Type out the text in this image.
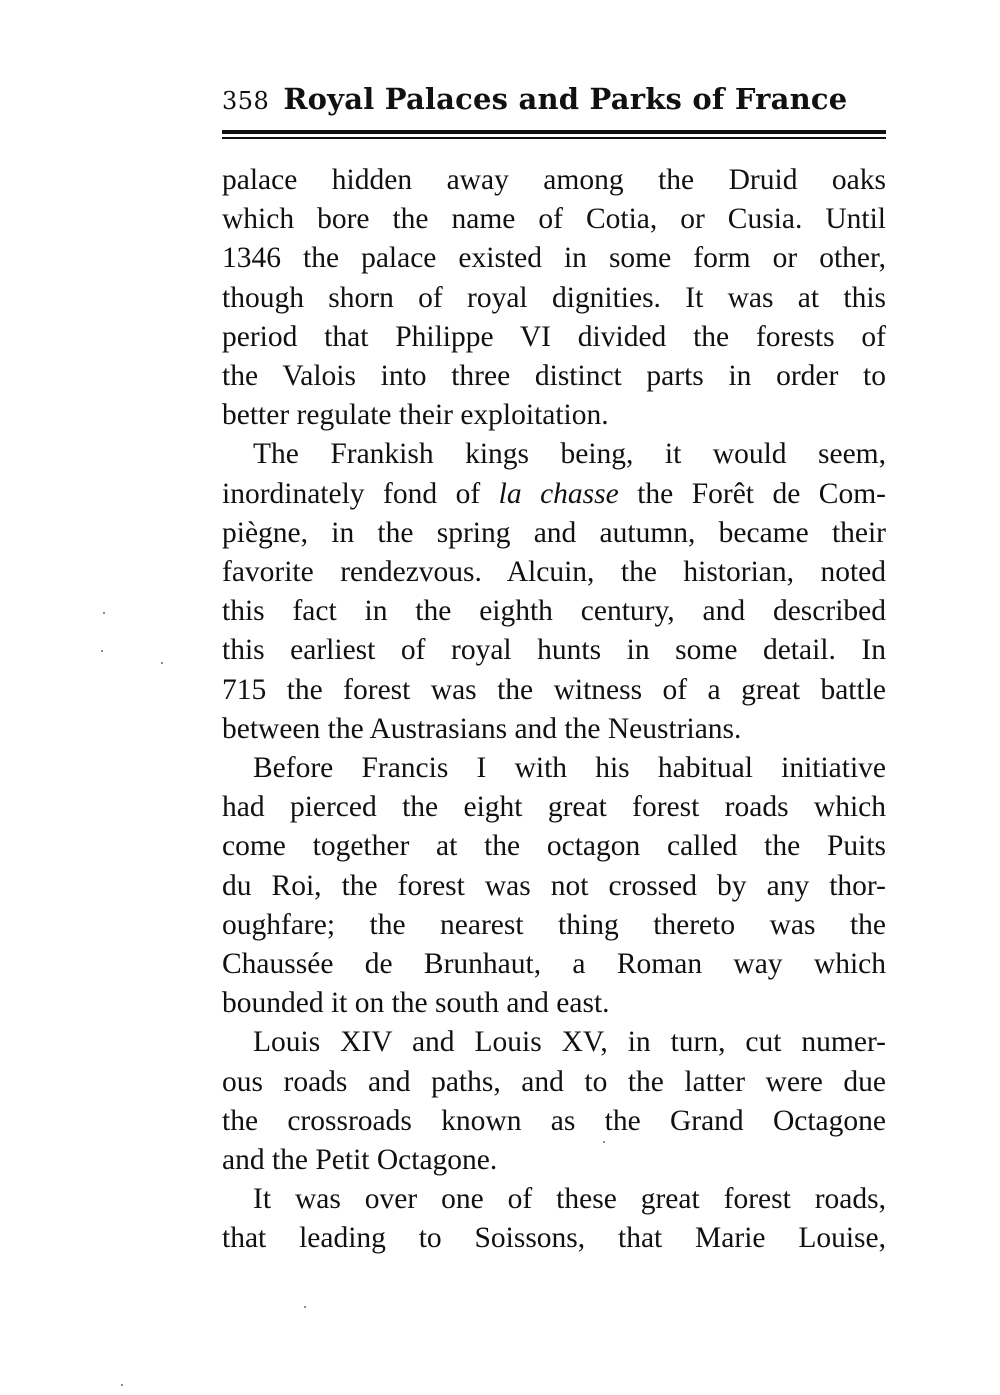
358 Royal Palaces and Parks of France
palace hidden away among the Druid oaks
which bore the name of Cotia, or Cusia. Until
1346 the palace existed in some form or other,
though shorn of royal dignities. It was at this
period that Philippe VI divided the forests of
the Valois into three distinct parts in order to
better regulate their exploitation.
The Frankish kings being, it would seem,
inordinately fond of la chasse the Forêt de Com-
piègne, in the spring and autumn, became their
favorite rendezvous. Alcuin, the historian, noted
this fact in the eighth century, and described
this earliest of royal hunts in some detail. In
715 the forest was the witness of a great battle
between the Austrasians and the Neustrians.
Before Francis I with his habitual initiative
had pierced the eight great forest roads which
come together at the octagon called the Puits
du Roi, the forest was not crossed by any thor-
oughfare; the nearest thing thereto was the
Chaussée de Brunhaut, a Roman way which
bounded it on the south and east.
Louis XIV and Louis XV, in turn, cut numer-
ous roads and paths, and to the latter were due
the crossroads known as the Grand Octagone
and the Petit Octagone.
It was over one of these great forest roads,
that leading to Soissons, that Marie Louise,
